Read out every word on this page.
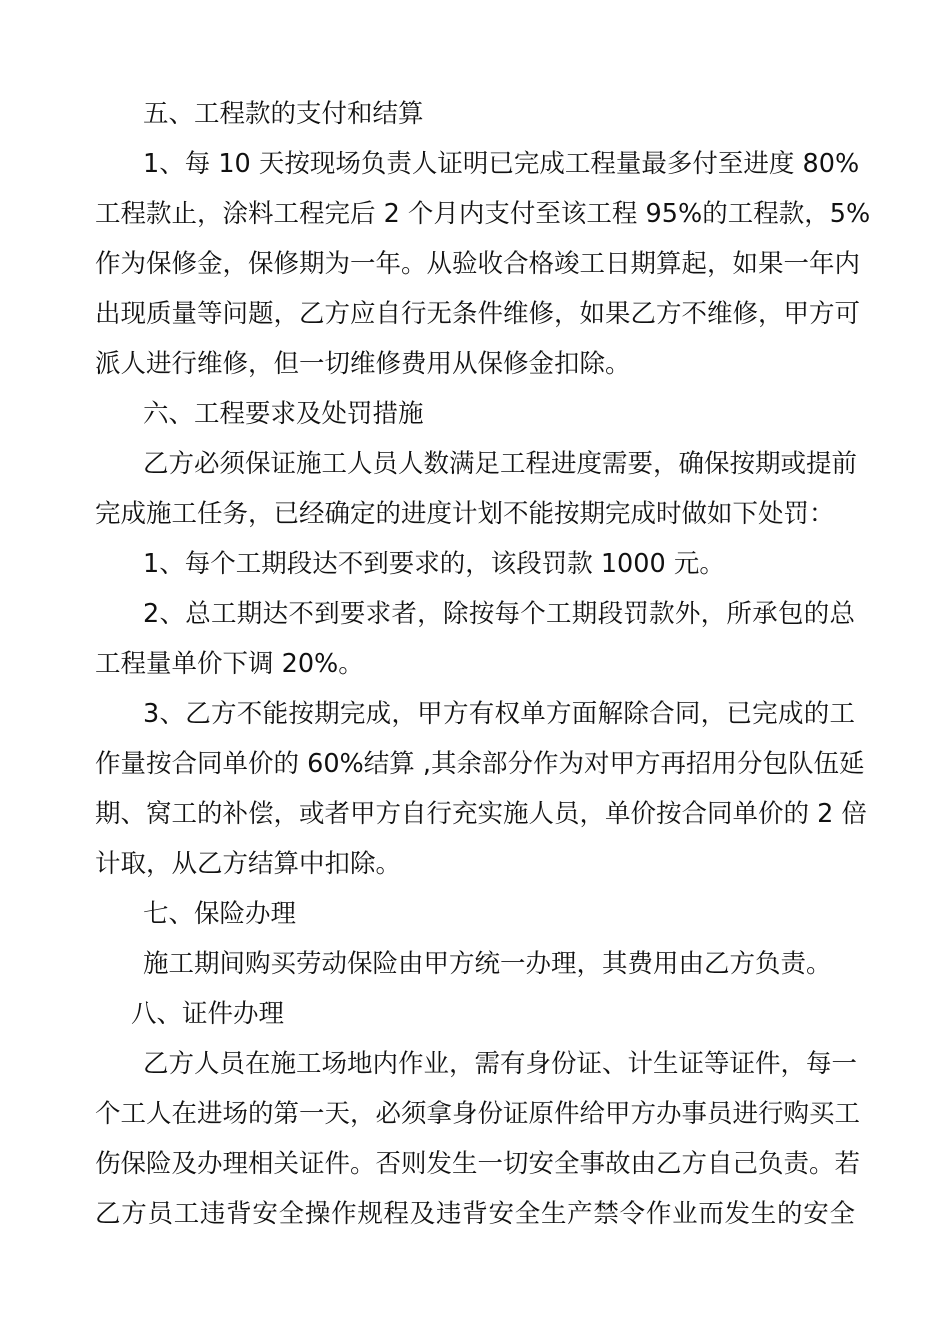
五、工程款的支付和结算
1、每 10 天按现场负责人证明已完成工程量最多付至进度 80%
工程款止，涂料工程完后 2 个月内支付至该工程 95%的工程款，5%
作为保修金，保修期为一年。从验收合格竣工日期算起，如果一年内
出现质量等问题，乙方应自行无条件维修，如果乙方不维修，甲方可
派人进行维修，但一切维修费用从保修金扣除。
六、工程要求及处罚措施
乙方必须保证施工人员人数满足工程进度需要，确保按期或提前
完成施工任务，已经确定的进度计划不能按期完成时做如下处罚：
1、每个工期段达不到要求的，该段罚款 1000 元。
2、总工期达不到要求者，除按每个工期段罚款外，所承包的总
工程量单价下调 20%。
3、乙方不能按期完成，甲方有权单方面解除合同，已完成的工
作量按合同单价的 60%结算 ,其余部分作为对甲方再招用分包队伍延
期、窝工的补偿，或者甲方自行充实施人员，单价按合同单价的 2 倍
计取，从乙方结算中扣除。
七、保险办理
施工期间购买劳动保险由甲方统一办理，其费用由乙方负责。
八、证件办理
乙方人员在施工场地内作业，需有身份证、计生证等证件，每一
个工人在进场的第一天，必须拿身份证原件给甲方办事员进行购买工
伤保险及办理相关证件。否则发生一切安全事故由乙方自己负责。若
乙方员工违背安全操作规程及违背安全生产禁令作业而发生的安全
